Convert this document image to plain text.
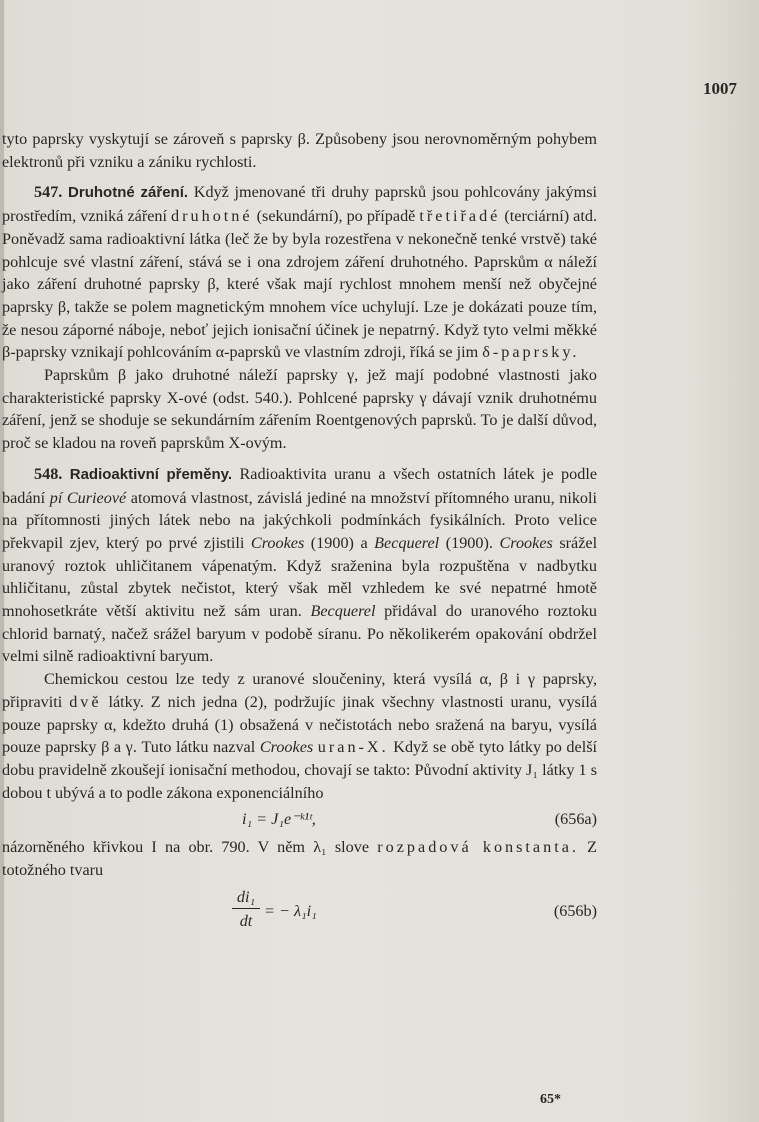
1007

tyto paprsky vyskytují se zároveň s paprsky β. Způsobeny jsou nerovnoměrným pohybem elektronů při vzniku a zániku rychlosti.

547. Druhotné záření. Když jmenované tři druhy paprsků jsou pohlcovány jakýmsi prostředím, vzniká záření druhotné (sekundární), po případě třetiřadé (terciární) atd. Poněvadž sama radioaktivní látka (leč že by byla rozestřena v nekonečně tenké vrstvě) také pohlcuje své vlastní záření, stává se i ona zdrojem záření druhotného. Paprskům α náleží jako záření druhotné paprsky β, které však mají rychlost mnohem menší než obyčejné paprsky β, takže se polem magnetickým mnohem více uchylují. Lze je dokázati pouze tím, že nesou záporné náboje, neboť jejich ionisační účinek je nepatrný. Když tyto velmi měkké β-paprsky vznikají pohlcováním α-paprsků ve vlastním zdroji, říká se jim δ-paprsky.

Paprskům β jako druhotné náleží paprsky γ, jež mají podobné vlastnosti jako charakteristické paprsky X-ové (odst. 540.). Pohlcené paprsky γ dávají vznik druhotnému záření, jenž se shoduje se sekundárním zářením Roentgenových paprsků. To je další důvod, proč se kladou na roveň paprskům X-ovým.

548. Radioaktivní přeměny. Radioaktivita uranu a všech ostatních látek je podle badání pí Curieové atomová vlastnost, závislá jediné na množství přítomného uranu, nikoli na přítomnosti jiných látek nebo na jakýchkoli podmínkách fysikálních. Proto velice překvapil zjev, který po prvé zjistili Crookes (1900) a Becquerel (1900). Crookes srážel uranový roztok uhličitanem vápenatým. Když sraženina byla rozpuštěna v nadbytku uhličitanu, zůstal zbytek nečistot, který však měl vzhledem ke své nepatrné hmotě mnohosetkráte větší aktivitu než sám uran. Becquerel přidával do uranového roztoku chlorid barnatý, načež srážel baryum v podobě síranu. Po několikerém opakování obdržel velmi silně radioaktivní baryum.

Chemickou cestou lze tedy z uranové sloučeniny, která vysílá α, β i γ paprsky, připraviti dvě látky. Z nich jedna (2), podržujíc jinak všechny vlastnosti uranu, vysílá pouze paprsky α, kdežto druhá (1) obsažená v nečistotách nebo sražená na baryu, vysílá pouze paprsky β a γ. Tuto látku nazval Crookes uran-X. Když se obě tyto látky po delší dobu pravidelně zkoušejí ionisační methodou, chovají se takto: Původní aktivity J₁ látky 1 s dobou t ubývá a to podle zákona exponenciálního

i₁ = J₁e⁻ᵏ¹ᵗ,	(656a)

názorněného křivkou I na obr. 790. V něm λ₁ slove rozpadová konstanta. Z totožného tvaru

$\frac{\text{di₁}}{dt}$ = − λ₁i₁	(656b)
65*
